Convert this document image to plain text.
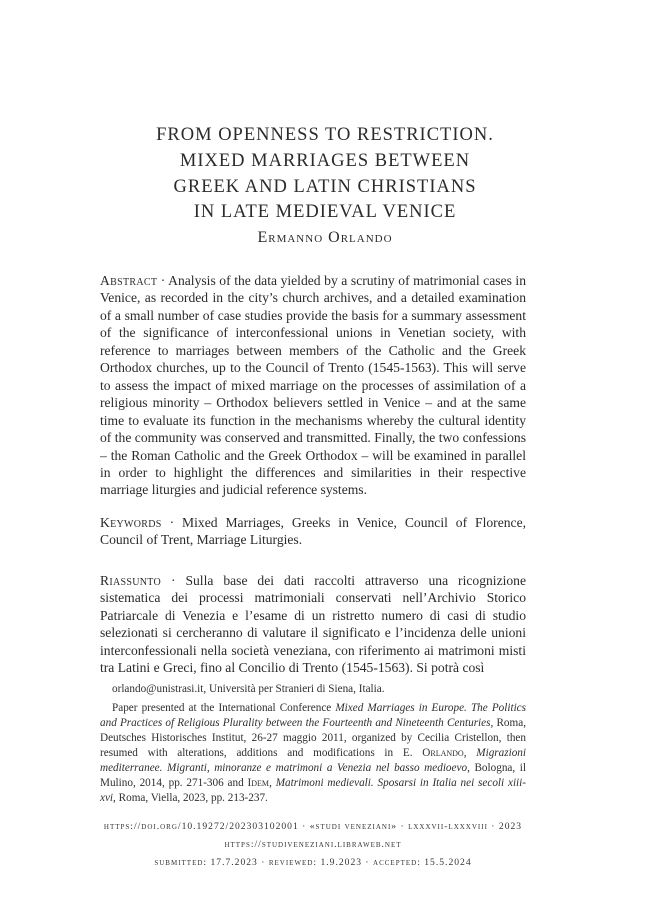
FROM OPENNESS TO RESTRICTION.
MIXED MARRIAGES BETWEEN
GREEK AND LATIN CHRISTIANS
IN LATE MEDIEVAL VENICE
Ermanno Orlando

Abstract · Analysis of the data yielded by a scrutiny of matrimonial cases in Venice, as recorded in the city’s church archives, and a detailed examination of a small number of case studies provide the basis for a summary assessment of the significance of interconfessional unions in Venetian society, with reference to marriages between members of the Catholic and the Greek Orthodox churches, up to the Council of Trento (1545-1563). This will serve to assess the impact of mixed marriage on the processes of assimilation of a religious minority – Orthodox believers settled in Venice – and at the same time to evaluate its function in the mechanisms whereby the cultural identity of the community was conserved and transmitted. Finally, the two confessions – the Roman Catholic and the Greek Orthodox – will be examined in parallel in order to highlight the differences and similarities in their respective marriage liturgies and judicial reference systems.

Keywords · Mixed Marriages, Greeks in Venice, Council of Florence, Council of Trent, Marriage Liturgies.

Riassunto · Sulla base dei dati raccolti attraverso una ricognizione sistematica dei processi matrimoniali conservati nell’Archivio Storico Patriarcale di Venezia e l’esame di un ristretto numero di casi di studio selezionati si cercheranno di valutare il significato e l’incidenza delle unioni interconfessionali nella società veneziana, con riferimento ai matrimoni misti tra Latini e Greci, fino al Concilio di Trento (1545-1563). Si potrà così

orlando@unistrasi.it, Università per Stranieri di Siena, Italia.

Paper presented at the International Conference Mixed Marriages in Europe. The Politics and Practices of Religious Plurality between the Fourteenth and Nineteenth Centuries, Roma, Deutsches Historisches Institut, 26-27 maggio 2011, organized by Cecilia Cristellon, then resumed with alterations, additions and modifications in E. Orlando, Migrazioni mediterranee. Migranti, minoranze e matrimoni a Venezia nel basso medioevo, Bologna, il Mulino, 2014, pp. 271-306 and Idem, Matrimoni medievali. Sposarsi in Italia nei secoli xiii-xvi, Roma, Viella, 2023, pp. 213-237.

https://doi.org/10.19272/202303102001 · «studi veneziani» · lxxxvii-lxxxviii · 2023
https://studiveneziani.libraweb.net
submitted: 17.7.2023 · reviewed: 1.9.2023 · accepted: 15.5.2024
